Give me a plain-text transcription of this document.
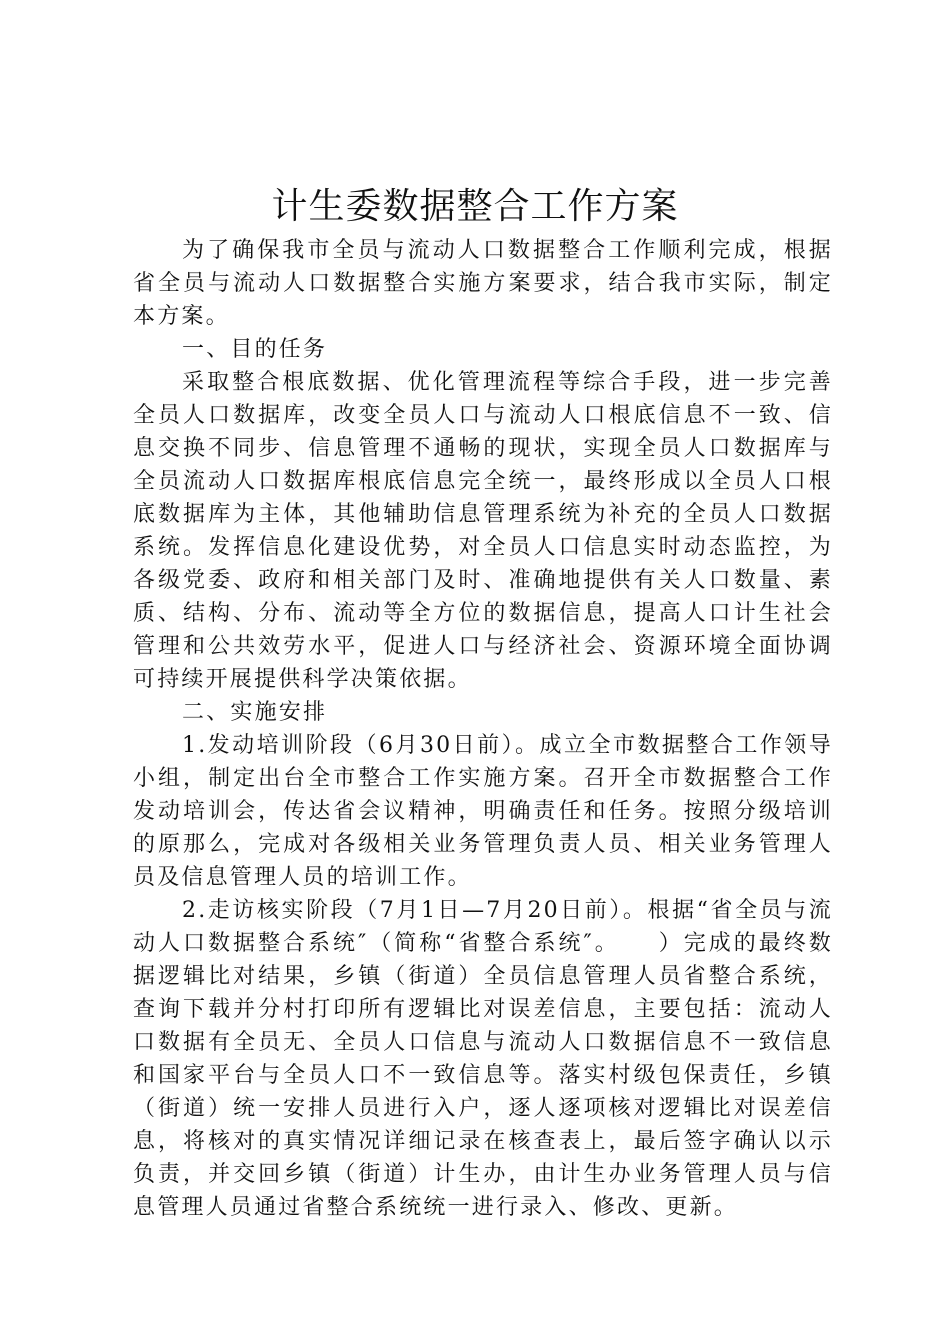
计生委数据整合工作方案

为了确保我市全员与流动人口数据整合工作顺利完成，根据省全员与流动人口数据整合实施方案要求，结合我市实际，制定本方案。

一、目的任务

采取整合根底数据、优化管理流程等综合手段，进一步完善全员人口数据库，改变全员人口与流动人口根底信息不一致、信息交换不同步、信息管理不通畅的现状，实现全员人口数据库与全员流动人口数据库根底信息完全统一，最终形成以全员人口根底数据库为主体，其他辅助信息管理系统为补充的全员人口数据系统。发挥信息化建设优势，对全员人口信息实时动态监控，为各级党委、政府和相关部门及时、准确地提供有关人口数量、素质、结构、分布、流动等全方位的数据信息，提高人口计生社会管理和公共效劳水平，促进人口与经济社会、资源环境全面协调可持续开展提供科学决策依据。

二、实施安排

1.发动培训阶段（6月30日前）。成立全市数据整合工作领导小组，制定出台全市整合工作实施方案。召开全市数据整合工作发动培训会，传达省会议精神，明确责任和任务。按照分级培训的原那么，完成对各级相关业务管理负责人员、相关业务管理人员及信息管理人员的培训工作。

2.走访核实阶段（7月1日—7月20日前）。根据“省全员与流动人口数据整合系统″（简称“省整合系统″。　　）完成的最终数据逻辑比对结果，乡镇（街道）全员信息管理人员省整合系统，查询下载并分村打印所有逻辑比对误差信息，主要包括：流动人口数据有全员无、全员人口信息与流动人口数据信息不一致信息和国家平台与全员人口不一致信息等。落实村级包保责任，乡镇（街道）统一安排人员进行入户，逐人逐项核对逻辑比对误差信息，将核对的真实情况详细记录在核查表上，最后签字确认以示负责，并交回乡镇（街道）计生办，由计生办业务管理人员与信息管理人员通过省整合系统统一进行录入、修改、更新。
